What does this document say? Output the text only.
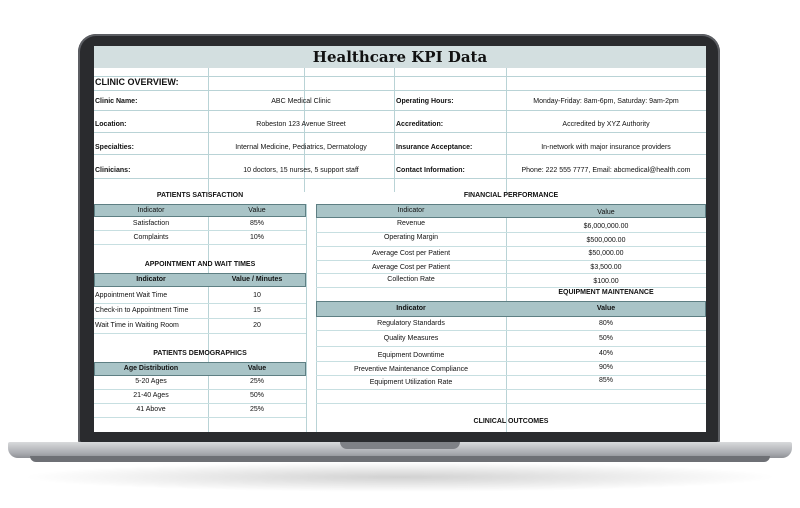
Healthcare KPI Data
CLINIC OVERVIEW:
Clinic Name:	ABC Medical Clinic	Operating Hours:	Monday-Friday: 8am-6pm, Saturday: 9am-2pm
Location:	Robeston 123 Avenue Street	Accreditation:	Accredited by XYZ Authority
Specialties:	Internal Medicine, Pediatrics, Dermatology	Insurance Acceptance:	In-network with major insurance providers
Clinicians:	10 doctors, 15 nurses, 5 support staff	Contact Information:	Phone: 222 555 7777, Email: abcmedical@health.com
PATIENTS SATISFACTION
Indicator	Value
Satisfaction	85%
Complaints	10%
APPOINTMENT AND WAIT TIMES
Indicator	Value / Minutes
Appointment Wait Time	10
Check-in to Appointment Time	15
Wait Time in Waiting Room	20
PATIENTS DEMOGRAPHICS
Age Distribution	Value
5-20 Ages	25%
21-40 Ages	50%
41 Above	25%
FINANCIAL PERFORMANCE
Indicator	Value
Revenue	$6,000,000.00
Operating Margin	$500,000.00
Average Cost per Patient	$50,000.00
Average Cost per Patient	$3,500.00
Collection Rate	$100.00
EQUIPMENT MAINTENANCE
Indicator	Value
Regulatory Standards	80%
Quality Measures	50%
Equipment Downtime	40%
Preventive Maintenance Compliance	90%
Equipment Utilization Rate	85%
CLINICAL OUTCOMES
